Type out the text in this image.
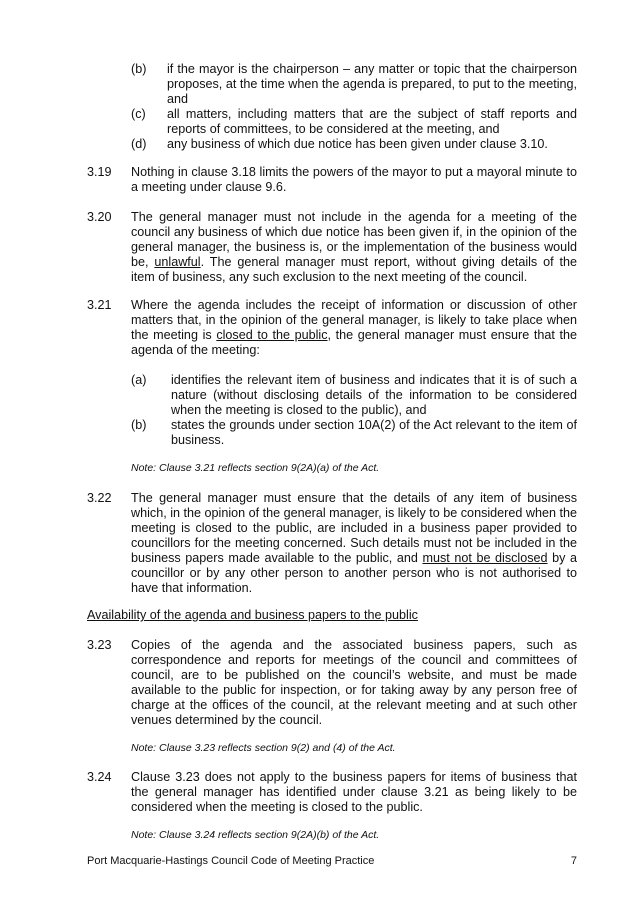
(b)	if the mayor is the chairperson – any matter or topic that the chairperson proposes, at the time when the agenda is prepared, to put to the meeting, and
(c)	all matters, including matters that are the subject of staff reports and reports of committees, to be considered at the meeting, and
(d)	any business of which due notice has been given under clause 3.10.
3.19	Nothing in clause 3.18 limits the powers of the mayor to put a mayoral minute to a meeting under clause 9.6.
3.20	The general manager must not include in the agenda for a meeting of the council any business of which due notice has been given if, in the opinion of the general manager, the business is, or the implementation of the business would be, unlawful. The general manager must report, without giving details of the item of business, any such exclusion to the next meeting of the council.

3.21	Where the agenda includes the receipt of information or discussion of other matters that, in the opinion of the general manager, is likely to take place when the meeting is closed to the public, the general manager must ensure that the agenda of the meeting:

(a)	identifies the relevant item of business and indicates that it is of such a nature (without disclosing details of the information to be considered when the meeting is closed to the public), and
(b)	states the grounds under section 10A(2) of the Act relevant to the item of business.
Note: Clause 3.21 reflects section 9(2A)(a) of the Act.
3.22	The general manager must ensure that the details of any item of business which, in the opinion of the general manager, is likely to be considered when the meeting is closed to the public, are included in a business paper provided to councillors for the meeting concerned. Such details must not be included in the business papers made available to the public, and must not be disclosed by a councillor or by any other person to another person who is not authorised to have that information.

Availability of the agenda and business papers to the public
3.23	Copies of the agenda and the associated business papers, such as correspondence and reports for meetings of the council and committees of council, are to be published on the council’s website, and must be made available to the public for inspection, or for taking away by any person free of charge at the offices of the council, at the relevant meeting and at such other venues determined by the council.
Note: Clause 3.23 reflects section 9(2) and (4) of the Act.
3.24	Clause 3.23 does not apply to the business papers for items of business that the general manager has identified under clause 3.21 as being likely to be considered when the meeting is closed to the public.
Note: Clause 3.24 reflects section 9(2A)(b) of the Act.
Port Macquarie-Hastings Council Code of Meeting Practice	7
